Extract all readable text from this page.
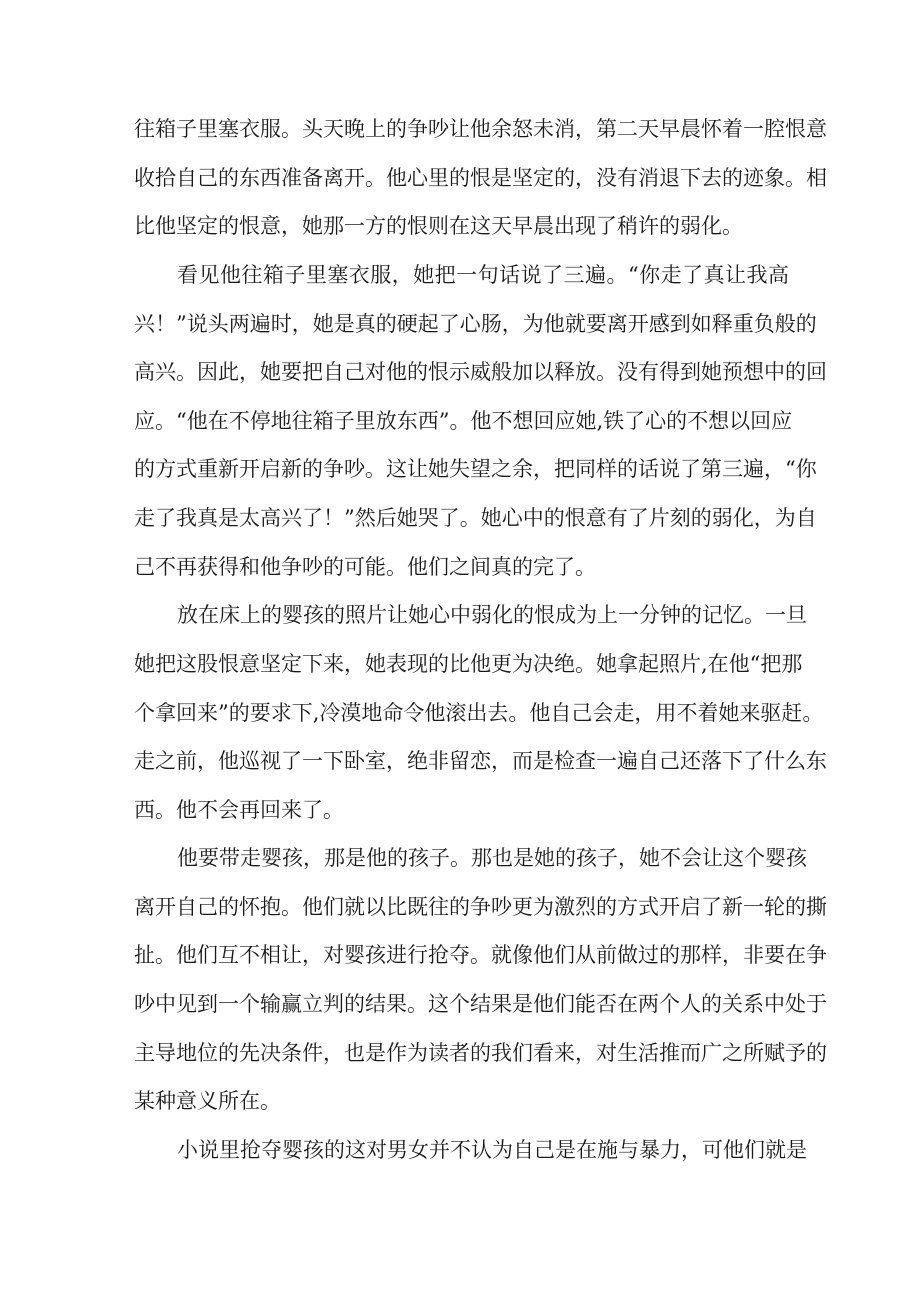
往箱子里塞衣服。头天晚上的争吵让他余怒未消，第二天早晨怀着一腔恨意
收拾自己的东西准备离开。他心里的恨是坚定的，没有消退下去的迹象。相
比他坚定的恨意，她那一方的恨则在这天早晨出现了稍许的弱化。
看见他往箱子里塞衣服，她把一句话说了三遍。“你走了真让我高
兴！”说头两遍时，她是真的硬起了心肠，为他就要离开感到如释重负般的
高兴。因此，她要把自己对他的恨示威般加以释放。没有得到她预想中的回
应。“他在不停地往箱子里放东西”。他不想回应她,铁了心的不想以回应
的方式重新开启新的争吵。这让她失望之余，把同样的话说了第三遍，“你
走了我真是太高兴了！”然后她哭了。她心中的恨意有了片刻的弱化，为自
己不再获得和他争吵的可能。他们之间真的完了。
放在床上的婴孩的照片让她心中弱化的恨成为上一分钟的记忆。一旦
她把这股恨意坚定下来，她表现的比他更为决绝。她拿起照片,在他“把那
个拿回来”的要求下,冷漠地命令他滚出去。他自己会走，用不着她来驱赶。
走之前，他巡视了一下卧室，绝非留恋，而是检查一遍自己还落下了什么东
西。他不会再回来了。
他要带走婴孩，那是他的孩子。那也是她的孩子，她不会让这个婴孩
离开自己的怀抱。他们就以比既往的争吵更为激烈的方式开启了新一轮的撕
扯。他们互不相让，对婴孩进行抢夺。就像他们从前做过的那样，非要在争
吵中见到一个输赢立判的结果。这个结果是他们能否在两个人的关系中处于
主导地位的先决条件，也是作为读者的我们看来，对生活推而广之所赋予的
某种意义所在。
小说里抢夺婴孩的这对男女并不认为自己是在施与暴力，可他们就是
